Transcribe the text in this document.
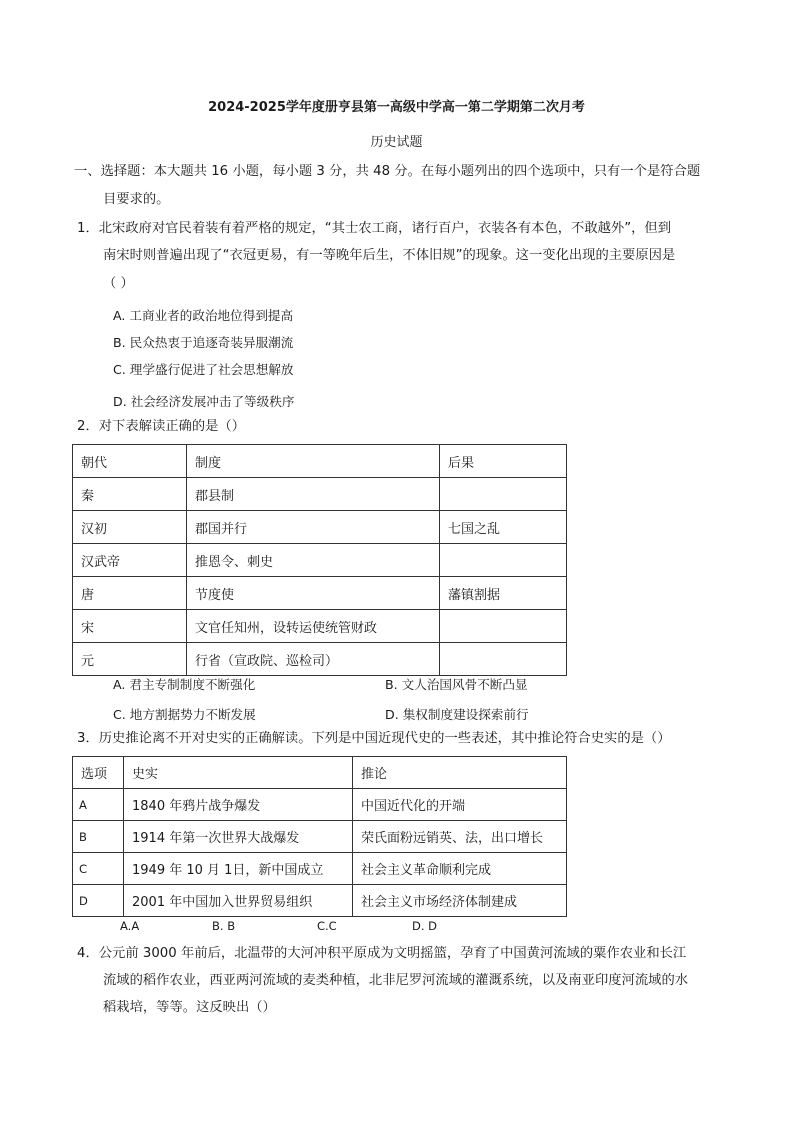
2024-2025学年度册亨县第一高级中学高一第二学期第二次月考
历史试题
一、选择题：本大题共 16 小题，每小题 3 分，共 48 分。在每小题列出的四个选项中，只有一个是符合题
目要求的。
1．北宋政府对官民着装有着严格的规定，“其士农工商，诸行百户，衣装各有本色，不敢越外”，但到
南宋时则普遍出现了“衣冠更易，有一等晚年后生，不体旧规”的现象。这一变化出现的主要原因是
（ ）
A. 工商业者的政治地位得到提高
B. 民众热衷于追逐奇装异服潮流
C. 理学盛行促进了社会思想解放
D. 社会经济发展冲击了等级秩序
2．对下表解读正确的是（）
朝代	制度	后果
秦	郡县制	
汉初	郡国并行	七国之乱
汉武帝	推恩令、刺史	
唐	节度使	藩镇割据
宋	文官任知州，设转运使统管财政	
元	行省（宣政院、巡检司）	
A. 君主专制制度不断强化	B. 文人治国风骨不断凸显
C. 地方割据势力不断发展	D. 集权制度建设探索前行
3．历史推论离不开对史实的正确解读。下列是中国近现代史的一些表述，其中推论符合史实的是（）
选项	史实	推论
A	1840 年鸦片战争爆发	中国近代化的开端
B	1914 年第一次世界大战爆发	荣氏面粉远销英、法，出口增长
C	1949 年 10 月 1日，新中国成立	社会主义革命顺利完成
D	2001 年中国加入世界贸易组织	社会主义市场经济体制建成
A.A	B. B	C.C	D. D
4．公元前 3000 年前后，北温带的大河冲积平原成为文明摇篮，孕育了中国黄河流域的粟作农业和长江
流域的稻作农业，西亚两河流域的麦类种植，北非尼罗河流域的灌溉系统，以及南亚印度河流域的水
稻栽培，等等。这反映出（）
